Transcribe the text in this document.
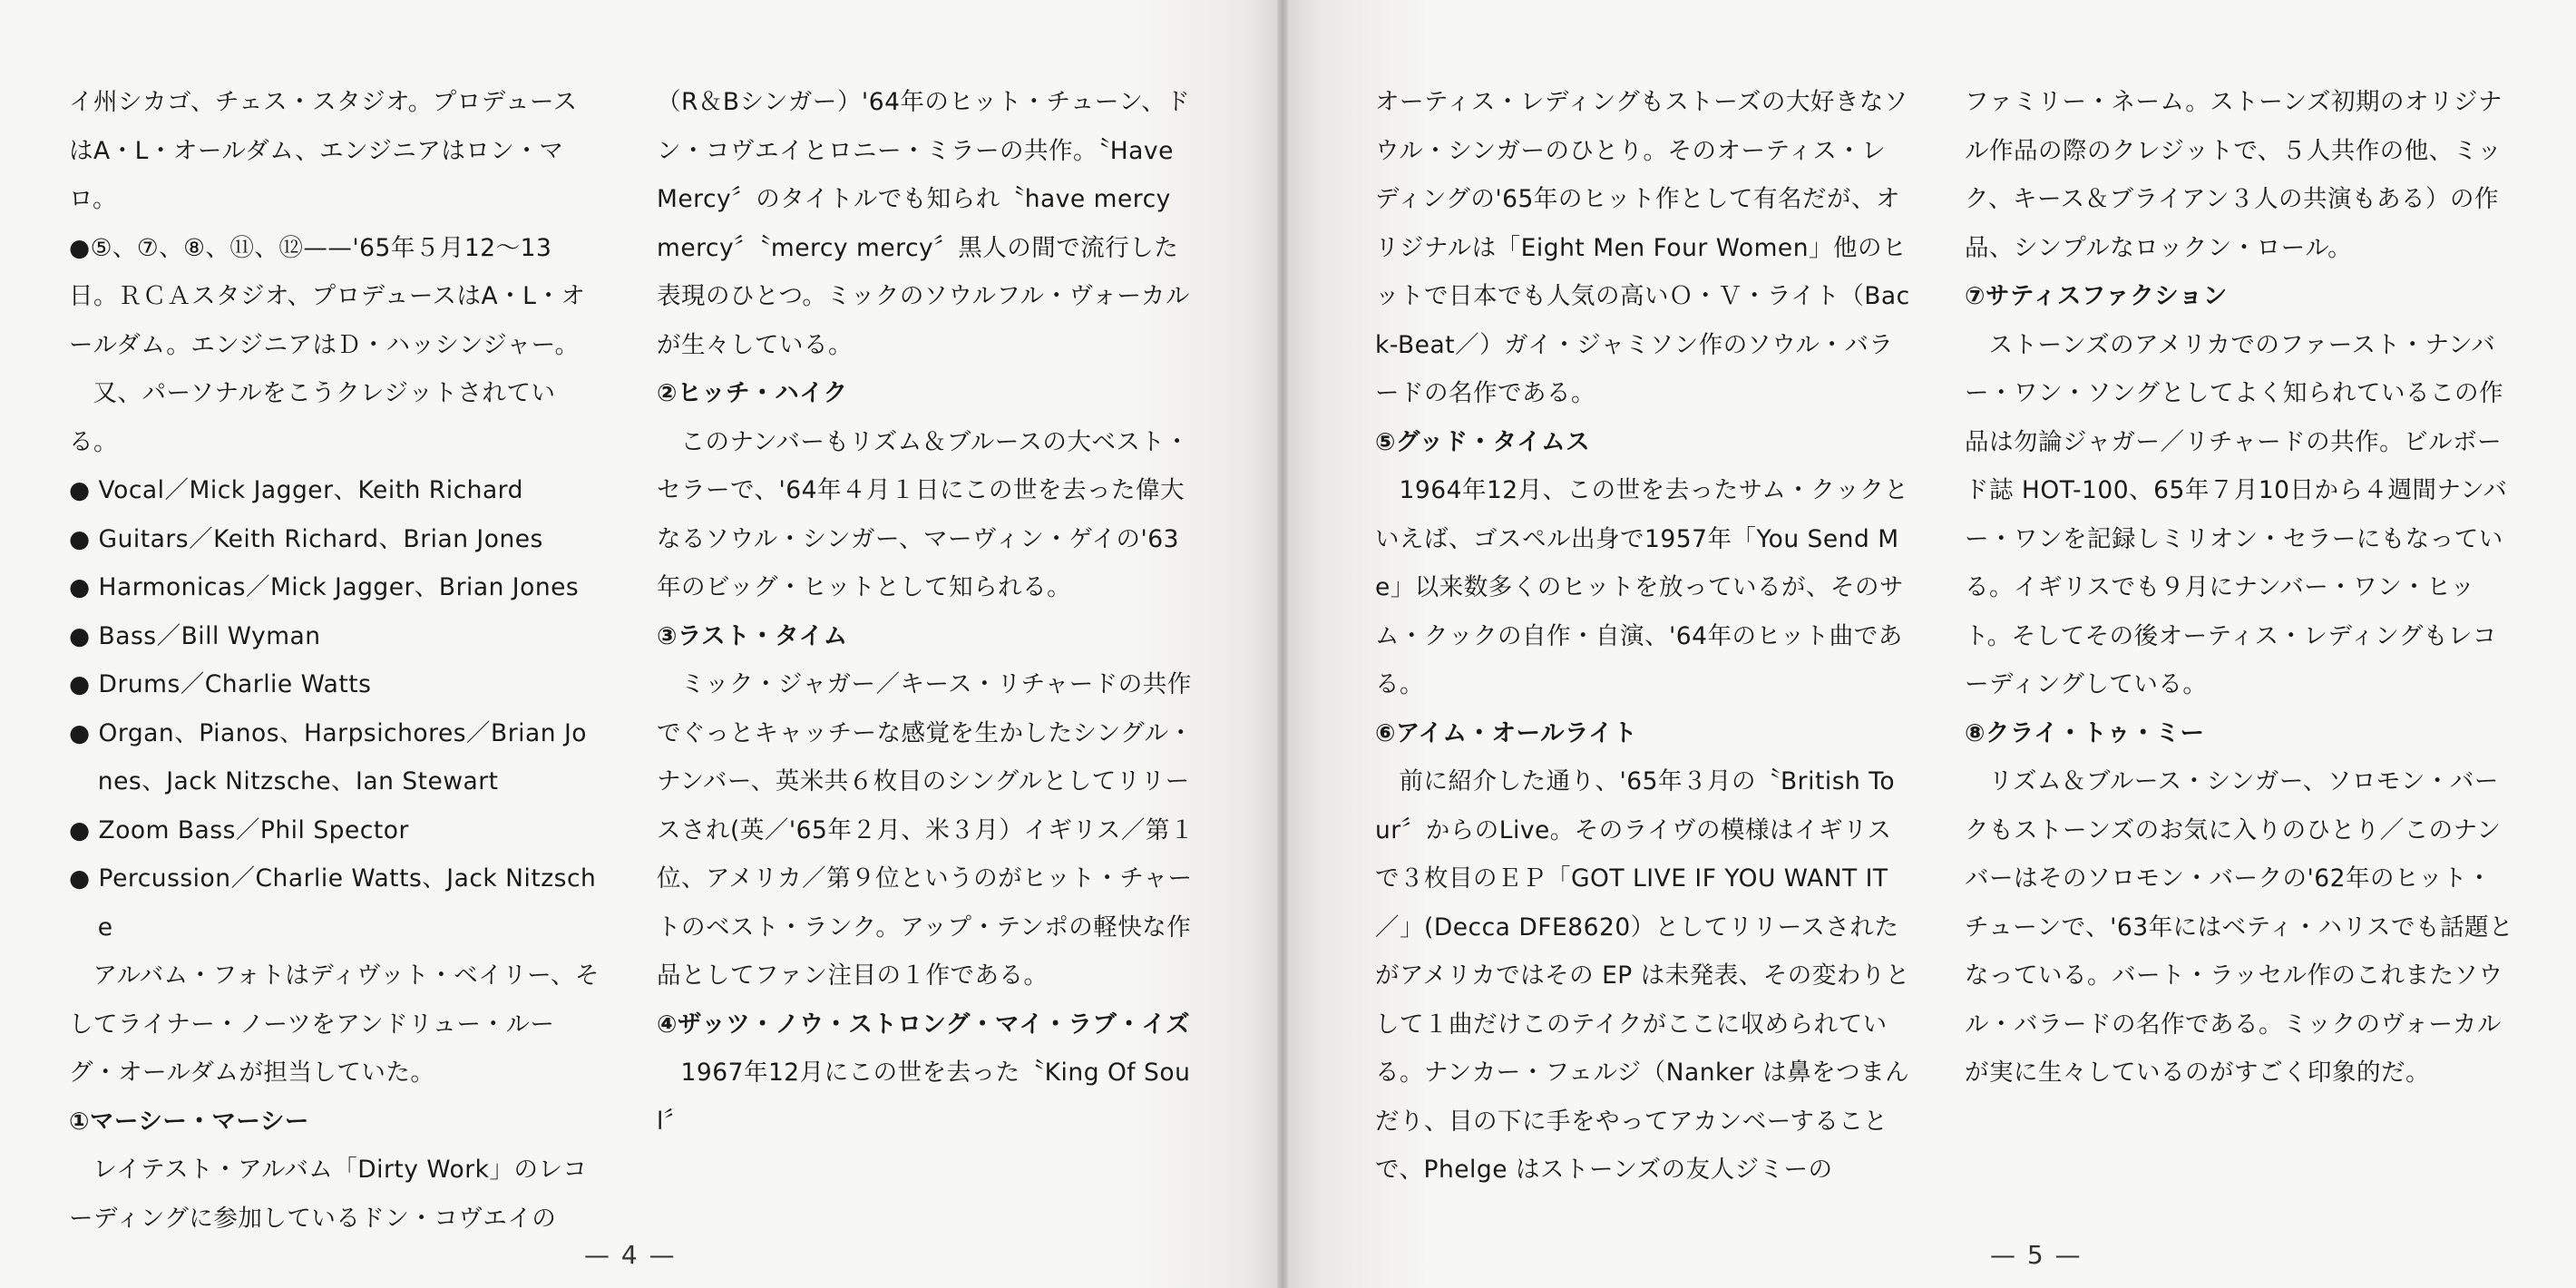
イ州シカゴ、チェス・スタジオ。プロデュースはA・L・オールダム、エンジニアはロン・マロ。

●⑤、⑦、⑧、⑪、⑫——'65年５月12～13日。ＲＣＡスタジオ、プロデュースはA・L・オールダム。エンジニアはＤ・ハッシンジャー。

又、パーソナルをこうクレジットされている。

● Vocal／Mick Jagger、Keith Richard

● Guitars／Keith Richard、Brian Jones

● Harmonicas／Mick Jagger、Brian Jones

● Bass／Bill Wyman

● Drums／Charlie Watts

● Organ、Pianos、Harpsichores／Brian Jones、Jack Nitzsche、Ian Stewart

● Zoom Bass／Phil Spector

● Percussion／Charlie Watts、Jack Nitzsche

アルバム・フォトはディヴット・ベイリー、そしてライナー・ノーツをアンドリュー・ルーグ・オールダムが担当していた。

①マーシー・マーシー

レイテスト・アルバム「Dirty Work」のレコーディングに参加しているドン・コヴエイの

（R＆Bシンガー）'64年のヒット・チューン、ドン・コヴエイとロニー・ミラーの共作。〝Have Mercy〞のタイトルでも知られ〝have mercy mercy〞〝mercy mercy〞黒人の間で流行した表現のひとつ。ミックのソウルフル・ヴォーカルが生々している。

②ヒッチ・ハイク

このナンバーもリズム＆ブルースの大ベスト・セラーで、'64年４月１日にこの世を去った偉大なるソウル・シンガー、マーヴィン・ゲイの'63年のビッグ・ヒットとして知られる。

③ラスト・タイム

ミック・ジャガー／キース・リチャードの共作でぐっとキャッチーな感覚を生かしたシングル・ナンバー、英米共６枚目のシングルとしてリリースされ(英／'65年２月、米３月）イギリス／第１位、アメリカ／第９位というのがヒット・チャートのベスト・ランク。アップ・テンポの軽快な作品としてファン注目の１作である。

④ザッツ・ノウ・ストロング・マイ・ラブ・イズ

1967年12月にこの世を去った〝King Of Soul〞

— 4 —

オーティス・レディングもストーズの大好きなソウル・シンガーのひとり。そのオーティス・レディングの'65年のヒット作として有名だが、オリジナルは「Eight Men Four Women」他のヒットで日本でも人気の高いＯ・Ｖ・ライト（Back-Beat／）ガイ・ジャミソン作のソウル・バラードの名作である。

⑤グッド・タイムス

1964年12月、この世を去ったサム・クックといえば、ゴスペル出身で1957年「You Send Me」以来数多くのヒットを放っているが、そのサム・クックの自作・自演、'64年のヒット曲である。

⑥アイム・オールライト

前に紹介した通り、'65年３月の〝British Tour〞からのLive。そのライヴの模様はイギリスで３枚目のＥＰ「GOT LIVE IF YOU WANT IT／」(Decca DFE8620）としてリリースされたがアメリカではその EP は未発表、その変わりとして１曲だけこのテイクがここに収められている。ナンカー・フェルジ（Nanker は鼻をつまんだり、目の下に手をやってアカンベーすることで、Phelge はストーンズの友人ジミーの

ファミリー・ネーム。ストーンズ初期のオリジナル作品の際のクレジットで、５人共作の他、ミック、キース＆ブライアン３人の共演もある）の作品、シンプルなロックン・ロール。

⑦サティスファクション

ストーンズのアメリカでのファースト・ナンバー・ワン・ソングとしてよく知られているこの作品は勿論ジャガー／リチャードの共作。ビルボード誌 HOT-100、65年７月10日から４週間ナンバー・ワンを記録しミリオン・セラーにもなっている。イギリスでも９月にナンバー・ワン・ヒット。そしてその後オーティス・レディングもレコーディングしている。

⑧クライ・トゥ・ミー

リズム＆ブルース・シンガー、ソロモン・バークもストーンズのお気に入りのひとり／このナンバーはそのソロモン・バークの'62年のヒット・チューンで、'63年にはベティ・ハリスでも話題となっている。バート・ラッセル作のこれまたソウル・バラードの名作である。ミックのヴォーカルが実に生々しているのがすごく印象的だ。

— 5 —
